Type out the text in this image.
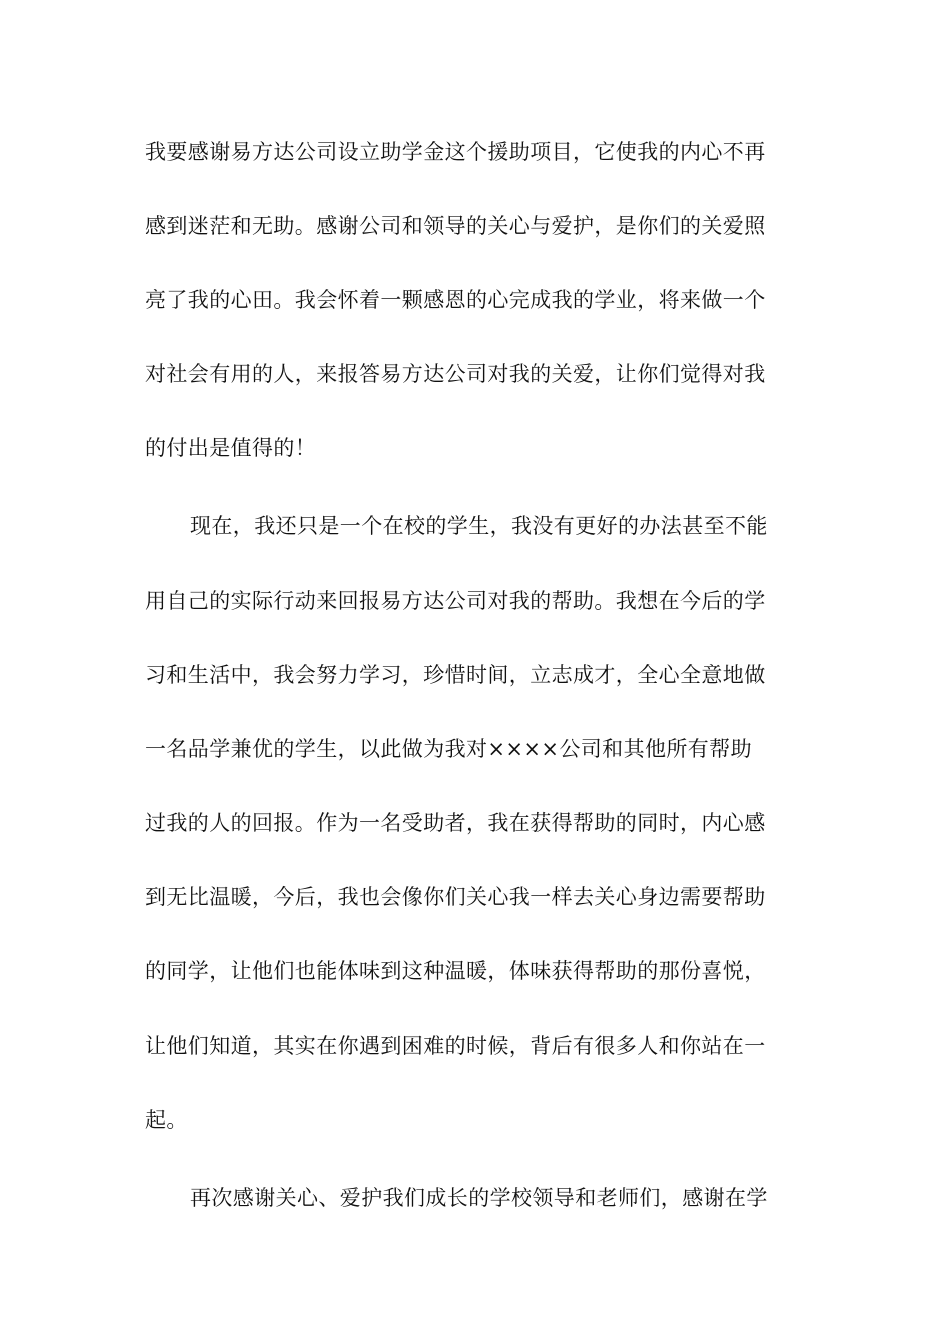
我要感谢易方达公司设立助学金这个援助项目，它使我的内心不再
感到迷茫和无助。感谢公司和领导的关心与爱护，是你们的关爱照
亮了我的心田。我会怀着一颗感恩的心完成我的学业，将来做一个
对社会有用的人，来报答易方达公司对我的关爱，让你们觉得对我
的付出是值得的！
现在，我还只是一个在校的学生，我没有更好的办法甚至不能
用自己的实际行动来回报易方达公司对我的帮助。我想在今后的学
习和生活中，我会努力学习，珍惜时间，立志成才，全心全意地做
一名品学兼优的学生，以此做为我对××××公司和其他所有帮助
过我的人的回报。作为一名受助者，我在获得帮助的同时，内心感
到无比温暖，今后，我也会像你们关心我一样去关心身边需要帮助
的同学，让他们也能体味到这种温暖，体味获得帮助的那份喜悦，
让他们知道，其实在你遇到困难的时候，背后有很多人和你站在一
起。
再次感谢关心、爱护我们成长的学校领导和老师们，感谢在学
